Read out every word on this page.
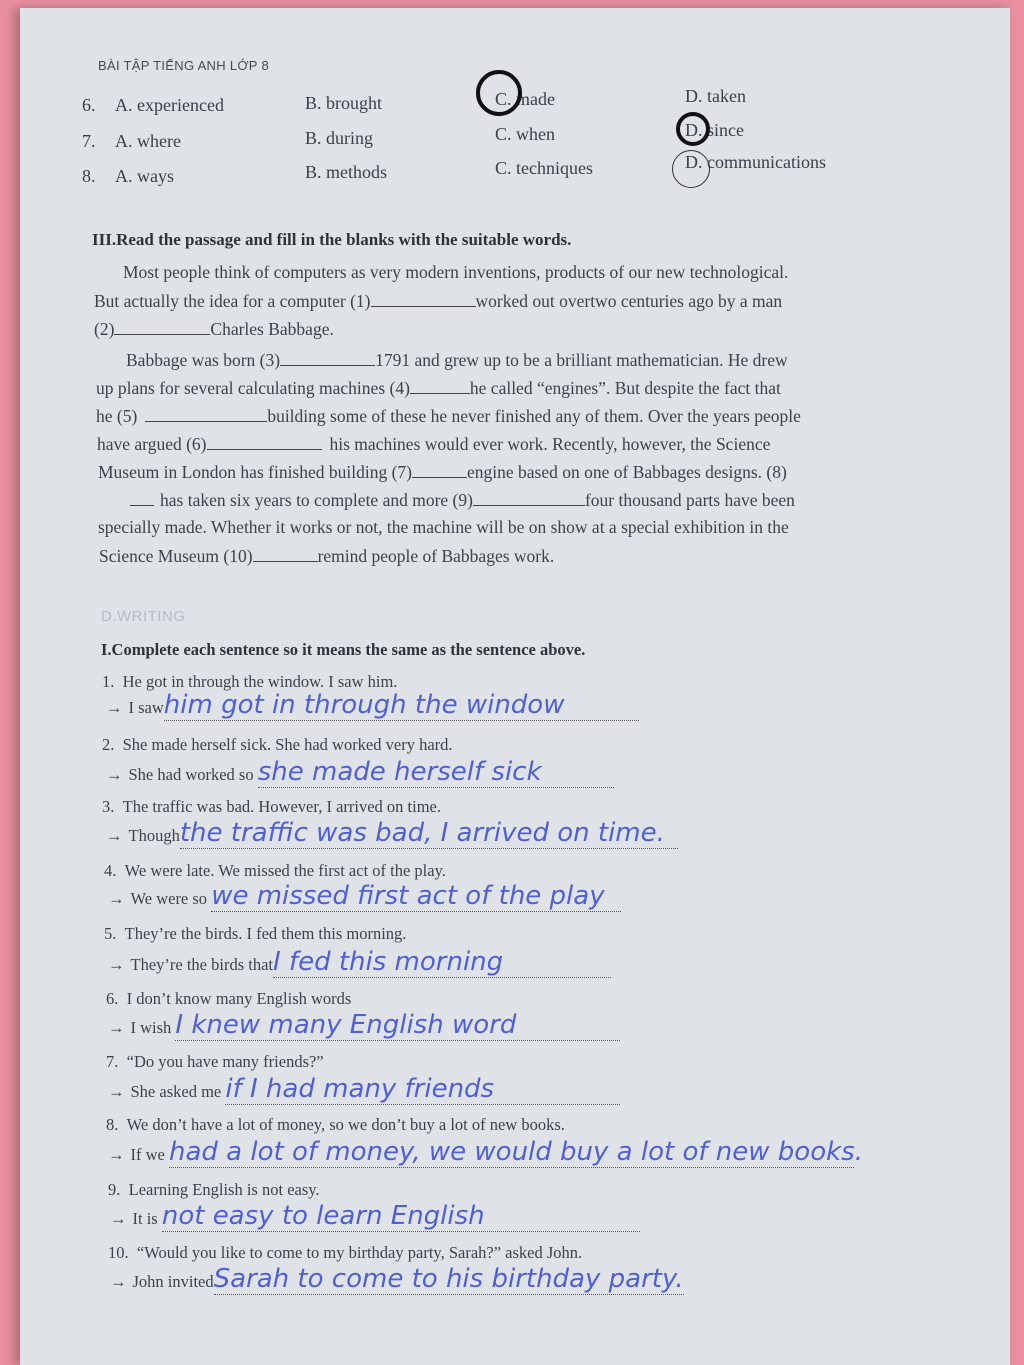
BÀI TẬP TIẾNG ANH LỚP 8
6. A. experienced	B. brought	C. made	D. taken
7. A. where	B. during	C. when	D. since
8. A. ways	B. methods	C. techniques	D. communications
III.Read the passage and fill in the blanks with the suitable words.
Most people think of computers as very modern inventions, products of our new technological.
But actually the idea for a computer (1)	worked out overtwo centuries ago by a man
(2)	Charles Babbage.
Babbage was born (3)	1791 and grew up to be a brilliant mathematician. He drew
up plans for several calculating machines (4)	he called “engines”. But despite the fact that
he (5)	building some of these he never finished any of them. Over the years people
have argued (6)	his machines would ever work. Recently, however, the Science
Museum in London has finished building (7)	engine based on one of Babbages designs. (8)
has taken six years to complete and more (9)	four thousand parts have been
specially made. Whether it works or not, the machine will be on show at a special exhibition in the
Science Museum (10)	remind people of Babbages work.
D.WRITING
I.Complete each sentence so it means the same as the sentence above.
1. He got in through the window. I saw him.
→ I sawhim got in through the window
2. She made herself sick. She had worked very hard.
→ She had worked so she made herself sick
3. The traffic was bad. However, I arrived on time.
→ Thoughthe traffic was bad, I arrived on time.
4. We were late. We missed the first act of the play.
→ We were so we missed first act of the play
5. They’re the birds. I fed them this morning.
→ They’re the birds thatI fed this morning
6. I don’t know many English words
→ I wish I knew many English word
7. “Do you have many friends?”
→ She asked me if I had many friends
8. We don’t have a lot of money, so we don’t buy a lot of new books.
→ If we had a lot of money, we would buy a lot of new books.
9. Learning English is not easy.
→ It is not easy to learn English
10. “Would you like to come to my birthday party, Sarah?” asked John.
→ John invitedSarah to come to his birthday party.
